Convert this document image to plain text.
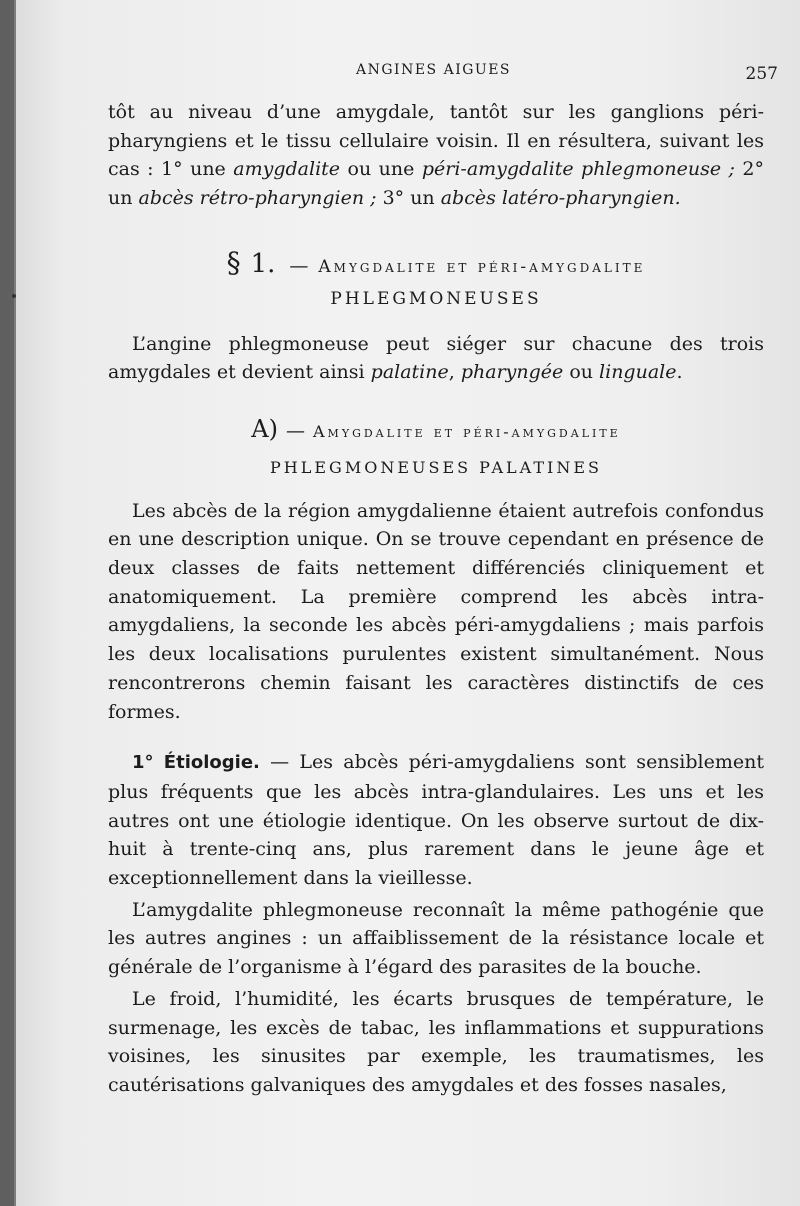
ANGINES AIGUES	257

tôt au niveau d’une amygdale, tantôt sur les ganglions péri-pharyngiens et le tissu cellulaire voisin. Il en résultera, suivant les cas : 1° une amygdalite ou une péri-amygdalite phlegmoneuse ; 2° un abcès rétro-pharyngien ; 3° un abcès latéro-pharyngien.

§ 1. — Amygdalite et péri-amygdalite
PHLEGMONEUSES

L’angine phlegmoneuse peut siéger sur chacune des trois amygdales et devient ainsi palatine, pharyngée ou linguale.

A) — Amygdalite et péri-amygdalite
PHLEGMONEUSES PALATINES

Les abcès de la région amygdalienne étaient autrefois confondus en une description unique. On se trouve cependant en présence de deux classes de faits nettement différenciés cliniquement et anatomiquement. La première comprend les abcès intra-amygdaliens, la seconde les abcès péri-amygdaliens ; mais parfois les deux localisations purulentes existent simultanément. Nous rencontrerons chemin faisant les caractères distinctifs de ces formes.

1° Étiologie. — Les abcès péri-amygdaliens sont sensiblement plus fréquents que les abcès intra-glandulaires. Les uns et les autres ont une étiologie identique. On les observe surtout de dix-huit à trente-cinq ans, plus rarement dans le jeune âge et exceptionnellement dans la vieillesse.

L’amygdalite phlegmoneuse reconnaît la même pathogénie que les autres angines : un affaiblissement de la résistance locale et générale de l’organisme à l’égard des parasites de la bouche.

Le froid, l’humidité, les écarts brusques de température, le surmenage, les excès de tabac, les inflammations et suppurations voisines, les sinusites par exemple, les traumatismes, les cautérisations galvaniques des amygdales et des fosses nasales,
